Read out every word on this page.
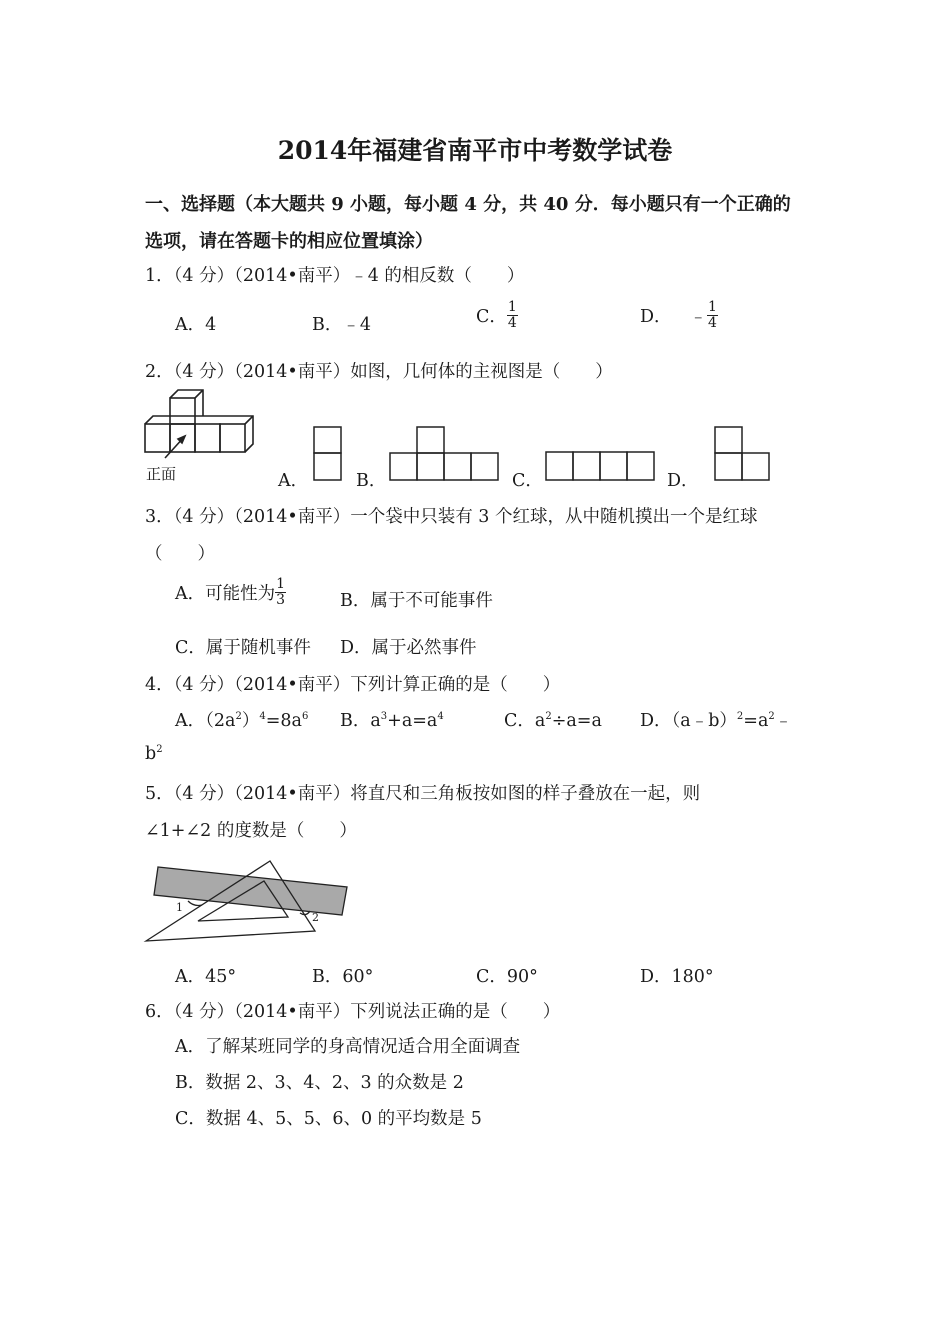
2014年福建省南平市中考数学试卷
一、选择题（本大题共 9 小题，每小题 4 分，共 40 分．每小题只有一个正确的
选项，请在答题卡的相应位置填涂）
1．（4 分）（2014•南平）﹣4 的相反数（　　）
A．4	B．﹣4	C． $\frac{1}{4}$	D． ﹣ $\frac{1}{4}$
2．（4 分）（2014•南平）如图，几何体的主视图是（　　）
正面	A．	B．	C．	D．
3．（4 分）（2014•南平）一个袋中只装有 3 个红球，从中随机摸出一个是红球
（　　）
A．可能性为 $\frac{1}{3}$	B．属于不可能事件
C．属于随机事件 D．属于必然事件
4．（4 分）（2014•南平）下列计算正确的是（　　）
A．$(2a^2)^4=8a^6$ B．$a^3+a=a^4$	C．$a^2\div a=a$ D．$(a﹣b)^2=a^2﹣$
$b^2$
5．（4 分）（2014•南平）将直尺和三角板按如图的样子叠放在一起，则
∠1+∠2 的度数是（　　）
1
2
A．45°	B．60°	C．90°	D．180°
6．（4 分）（2014•南平）下列说法正确的是（　　）
A．了解某班同学的身高情况适合用全面调查
B．数据 2、3、4、2、3 的众数是 2
C．数据 4、5、5、6、0 的平均数是 5
